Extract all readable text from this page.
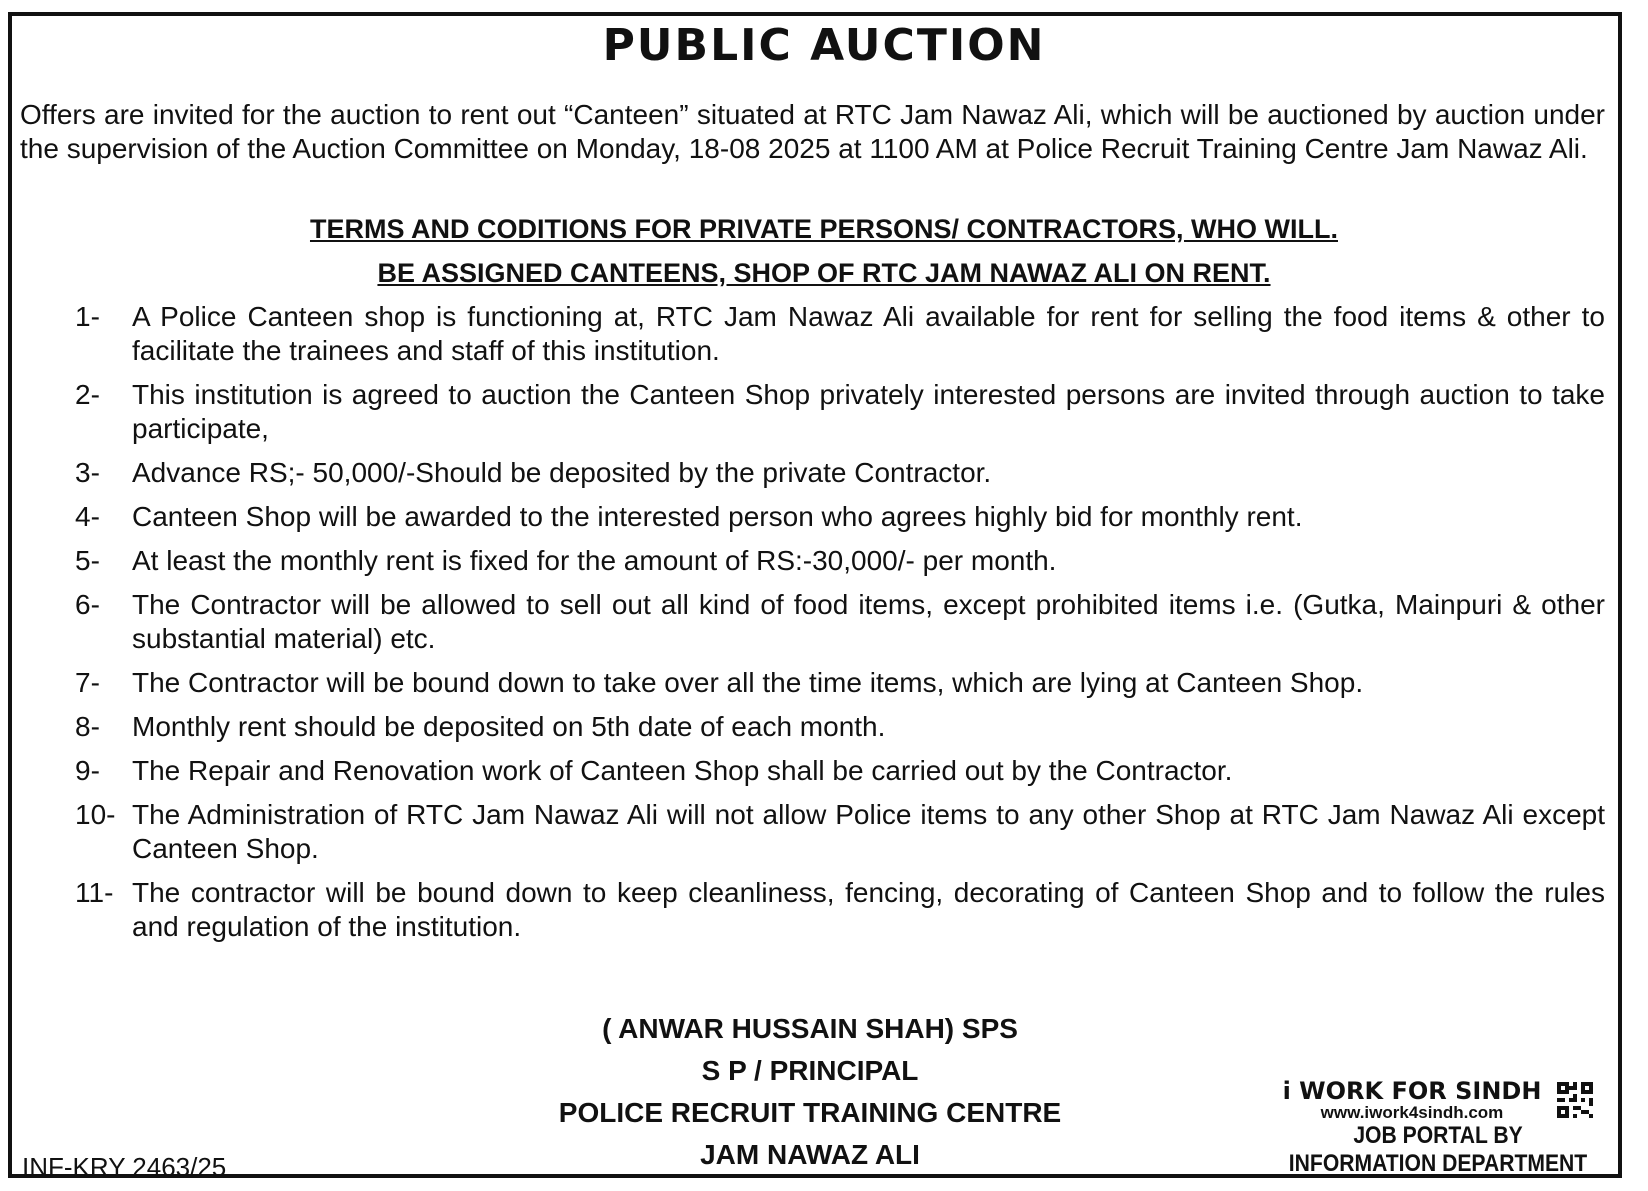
PUBLIC AUCTION

Offers are invited for the auction to rent out “Canteen” situated at RTC Jam Nawaz Ali, which will be auctioned by auction under the supervision of the Auction Committee on Monday, 18-08 2025 at 1100 AM at Police Recruit Training Centre Jam Nawaz Ali.

TERMS AND CODITIONS FOR PRIVATE PERSONS/ CONTRACTORS, WHO WILL.

BE ASSIGNED CANTEENS, SHOP OF RTC JAM NAWAZ ALI ON RENT.

1-	A Police Canteen shop is functioning at, RTC Jam Nawaz Ali available for rent for selling the food items & other to facilitate the trainees and staff of this institution.
2-	This institution is agreed to auction the Canteen Shop privately interested persons are invited through auction to take participate,
3-	Advance RS;- 50,000/-Should be deposited by the private Contractor.
4-	Canteen Shop will be awarded to the interested person who agrees highly bid for monthly rent.
5-	At least the monthly rent is fixed for the amount of RS:-30,000/- per month.
6-	The Contractor will be allowed to sell out all kind of food items, except prohibited items i.e. (Gutka, Mainpuri & other substantial material) etc.
7-	The Contractor will be bound down to take over all the time items, which are lying at Canteen Shop.
8-	Monthly rent should be deposited on 5th date of each month.
9-	The Repair and Renovation work of Canteen Shop shall be carried out by the Contractor.
10- The Administration of RTC Jam Nawaz Ali will not allow Police items to any other Shop at RTC Jam Nawaz Ali except Canteen Shop.
11- The contractor will be bound down to keep cleanliness, fencing, decorating of Canteen Shop and to follow the rules and regulation of the institution.

( ANWAR HUSSAIN SHAH) SPS

S P / PRINCIPAL

POLICE RECRUIT TRAINING CENTRE

JAM NAWAZ ALI

INF-KRY 2463/25

i WORK FOR SINDH
www.iwork4sindh.com
JOB PORTAL BY
INFORMATION DEPARTMENT
